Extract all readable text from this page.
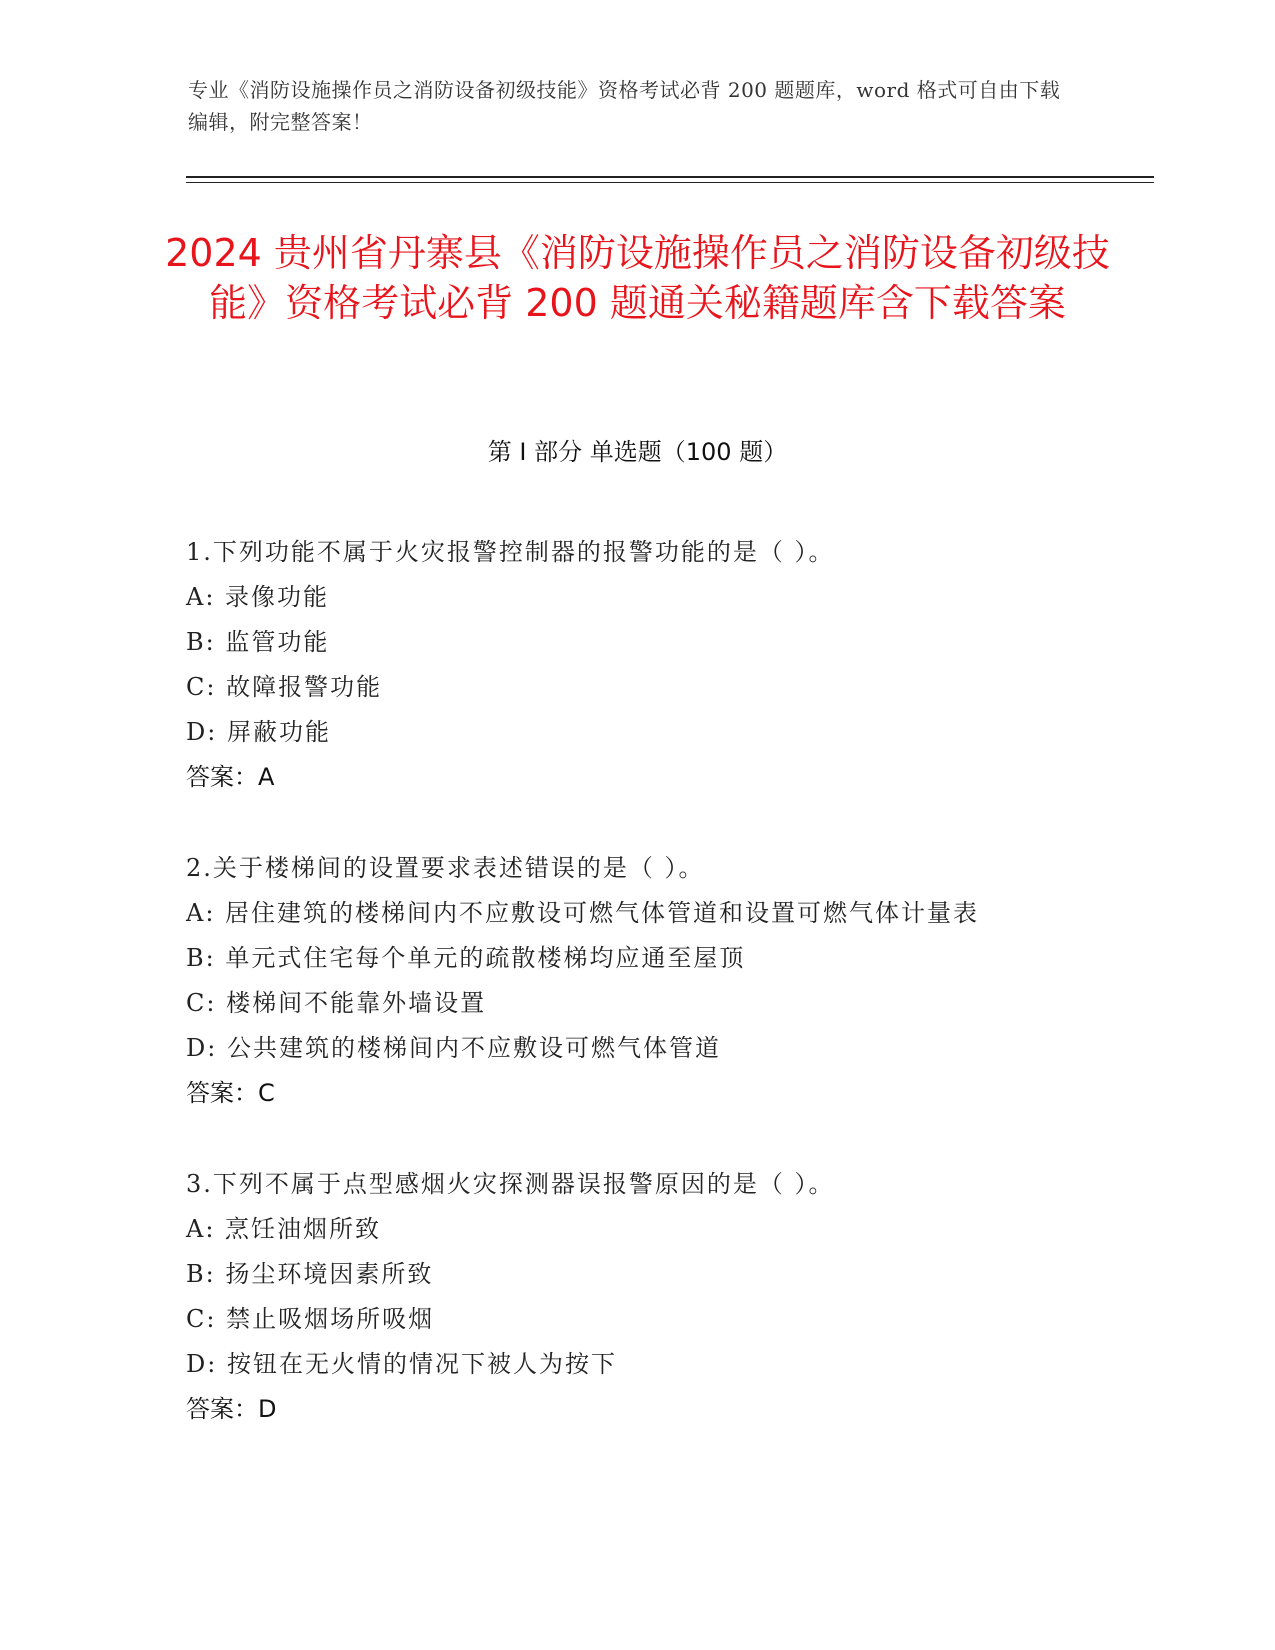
专业《消防设施操作员之消防设备初级技能》资格考试必背 200 题题库，word 格式可自由下载编辑，附完整答案！
2024 贵州省丹寨县《消防设施操作员之消防设备初级技能》资格考试必背 200 题通关秘籍题库含下载答案
第 I 部分 单选题（100 题）
1.下列功能不属于火灾报警控制器的报警功能的是（ ）。
A: 录像功能
B: 监管功能
C: 故障报警功能
D: 屏蔽功能
答案：A
2.关于楼梯间的设置要求表述错误的是（ ）。
A: 居住建筑的楼梯间内不应敷设可燃气体管道和设置可燃气体计量表
B: 单元式住宅每个单元的疏散楼梯均应通至屋顶
C: 楼梯间不能靠外墙设置
D: 公共建筑的楼梯间内不应敷设可燃气体管道
答案：C
3.下列不属于点型感烟火灾探测器误报警原因的是（ ）。
A: 烹饪油烟所致
B: 扬尘环境因素所致
C: 禁止吸烟场所吸烟
D: 按钮在无火情的情况下被人为按下
答案：D
